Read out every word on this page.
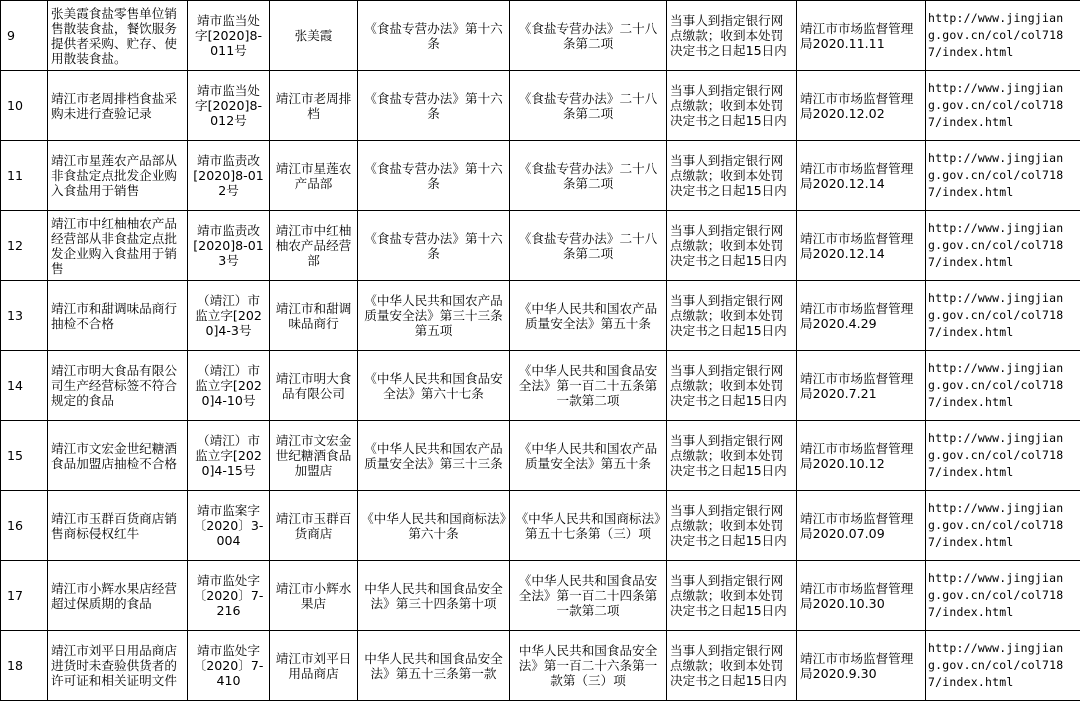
9	张美霞食盐零售单位销售散装食盐，餐饮服务提供者采购、贮存、使用散装食盐。	靖市监当处字[2020]8-011号	张美霞	《食盐专营办法》第十六条	《食盐专营办法》二十八条第二项	当事人到指定银行网点缴款；收到本处罚决定书之日起15日内	靖江市市场监督管理局2020.11.11	http://www.jingjiang.gov.cn/col/col7187/index.html
10	靖江市老周排档食盐采购未进行查验记录	靖市监当处字[2020]8-012号	靖江市老周排档	《食盐专营办法》第十六条	《食盐专营办法》二十八条第二项	当事人到指定银行网点缴款；收到本处罚决定书之日起15日内	靖江市市场监督管理局2020.12.02	http://www.jingjiang.gov.cn/col/col7187/index.html
11	靖江市星莲农产品部从非食盐定点批发企业购入食盐用于销售	靖市监责改[2020]8-012号	靖江市星莲农产品部	《食盐专营办法》第十六条	《食盐专营办法》二十八条第二项	当事人到指定银行网点缴款；收到本处罚决定书之日起15日内	靖江市市场监督管理局2020.12.14	http://www.jingjiang.gov.cn/col/col7187/index.html
12	靖江市中红柚柚农产品经营部从非食盐定点批发企业购入食盐用于销售	靖市监责改[2020]8-013号	靖江市中红柚柚农产品经营部	《食盐专营办法》第十六条	《食盐专营办法》二十八条第二项	当事人到指定银行网点缴款；收到本处罚决定书之日起15日内	靖江市市场监督管理局2020.12.14	http://www.jingjiang.gov.cn/col/col7187/index.html
13	靖江市和甜调味品商行抽检不合格	（靖江）市监立字[2020]4-3号	靖江市和甜调味品商行	《中华人民共和国农产品质量安全法》第三十三条第五项	《中华人民共和国农产品质量安全法》第五十条	当事人到指定银行网点缴款；收到本处罚决定书之日起15日内	靖江市市场监督管理局2020.4.29	http://www.jingjiang.gov.cn/col/col7187/index.html
14	靖江市明大食品有限公司生产经营标签不符合规定的食品	（靖江）市监立字[2020]4-10号	靖江市明大食品有限公司	《中华人民共和国食品安全法》第六十七条	《中华人民共和国食品安全法》第一百二十五条第一款第二项	当事人到指定银行网点缴款；收到本处罚决定书之日起15日内	靖江市市场监督管理局2020.7.21	http://www.jingjiang.gov.cn/col/col7187/index.html
15	靖江市文宏金世纪糖酒食品加盟店抽检不合格	（靖江）市监立字[2020]4-15号	靖江市文宏金世纪糖酒食品加盟店	《中华人民共和国农产品质量安全法》第三十三条	《中华人民共和国农产品质量安全法》第五十条	当事人到指定银行网点缴款；收到本处罚决定书之日起15日内	靖江市市场监督管理局2020.10.12	http://www.jingjiang.gov.cn/col/col7187/index.html
16	靖江市玉群百货商店销售商标侵权红牛	靖市监案字〔2020〕3-004	靖江市玉群百货商店	《中华人民共和国商标法》第六十条	《中华人民共和国商标法》第五十七条第（三）项	当事人到指定银行网点缴款；收到本处罚决定书之日起15日内	靖江市市场监督管理局2020.07.09	http://www.jingjiang.gov.cn/col/col7187/index.html
17	靖江市小辉水果店经营超过保质期的食品	靖市监处字〔2020〕7-216	靖江市小辉水果店	中华人民共和国食品安全法》第三十四条第十项	《中华人民共和国食品安全法》第一百二十四条第一款第二项	当事人到指定银行网点缴款；收到本处罚决定书之日起15日内	靖江市市场监督管理局2020.10.30	http://www.jingjiang.gov.cn/col/col7187/index.html
18	靖江市刘平日用品商店进货时未查验供货者的许可证和相关证明文件	靖市监处字〔2020〕7-410	靖江市刘平日用品商店	中华人民共和国食品安全法》第五十三条第一款	中华人民共和国食品安全法》第一百二十六条第一款第（三）项	当事人到指定银行网点缴款；收到本处罚决定书之日起15日内	靖江市市场监督管理局2020.9.30	http://www.jingjiang.gov.cn/col/col7187/index.html
